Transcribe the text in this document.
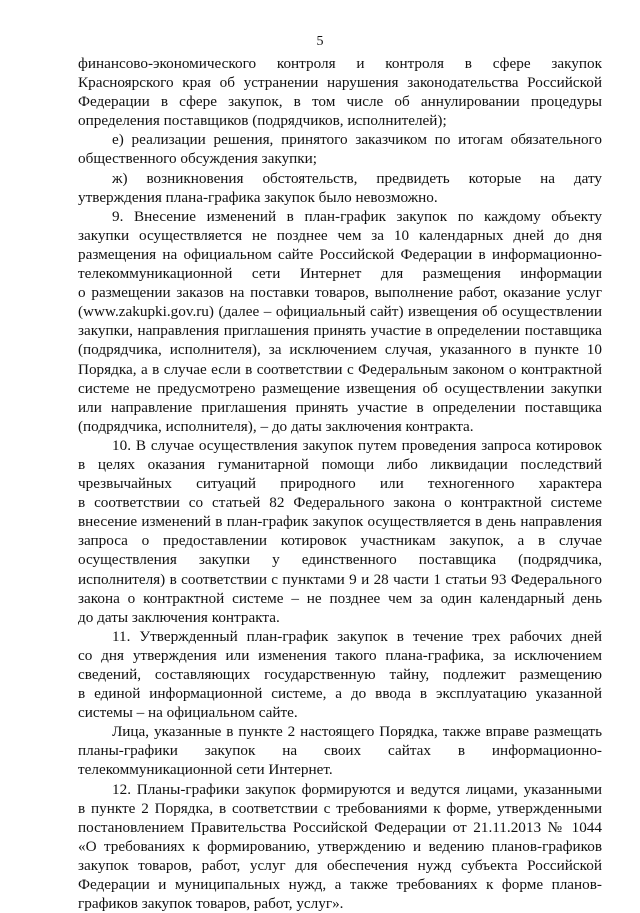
5
финансово-экономического контроля и контроля в сфере закупок
Красноярского края об устранении нарушения законодательства Российской
Федерации в сфере закупок, в том числе об аннулировании процедуры
определения поставщиков (подрядчиков, исполнителей);
е) реализации решения, принятого заказчиком по итогам обязательного
общественного обсуждения закупки;
ж) возникновения обстоятельств, предвидеть которые на дату
утверждения плана-графика закупок было невозможно.
9. Внесение изменений в план-график закупок по каждому объекту
закупки осуществляется не позднее чем за 10 календарных дней до дня
размещения на официальном сайте Российской Федерации в информационно-
телекоммуникационной сети Интернет для размещения информации
о размещении заказов на поставки товаров, выполнение работ, оказание услуг
(www.zakupki.gov.ru) (далее – официальный сайт) извещения об осуществлении
закупки, направления приглашения принять участие в определении поставщика
(подрядчика, исполнителя), за исключением случая, указанного в пункте 10
Порядка, а в случае если в соответствии с Федеральным законом о контрактной
системе не предусмотрено размещение извещения об осуществлении закупки
или направление приглашения принять участие в определении поставщика
(подрядчика, исполнителя), – до даты заключения контракта.
10. В случае осуществления закупок путем проведения запроса котировок
в целях оказания гуманитарной помощи либо ликвидации последствий
чрезвычайных ситуаций природного или техногенного характера
в соответствии со статьей 82 Федерального закона о контрактной системе
внесение изменений в план-график закупок осуществляется в день направления
запроса о предоставлении котировок участникам закупок, а в случае
осуществления закупки у единственного поставщика (подрядчика,
исполнителя) в соответствии с пунктами 9 и 28 части 1 статьи 93 Федерального
закона о контрактной системе – не позднее чем за один календарный день
до даты заключения контракта.
11. Утвержденный план-график закупок в течение трех рабочих дней
со дня утверждения или изменения такого плана-графика, за исключением
сведений, составляющих государственную тайну, подлежит размещению
в единой информационной системе, а до ввода в эксплуатацию указанной
системы – на официальном сайте.
Лица, указанные в пункте 2 настоящего Порядка, также вправе размещать
планы-графики закупок на своих сайтах в информационно-
телекоммуникационной сети Интернет.
12. Планы-графики закупок формируются и ведутся лицами, указанными
в пункте 2 Порядка, в соответствии с требованиями к форме, утвержденными
постановлением Правительства Российской Федерации от 21.11.2013 № 1044
«О требованиях к формированию, утверждению и ведению планов-графиков
закупок товаров, работ, услуг для обеспечения нужд субъекта Российской
Федерации и муниципальных нужд, а также требованиях к форме планов-
графиков закупок товаров, работ, услуг».
